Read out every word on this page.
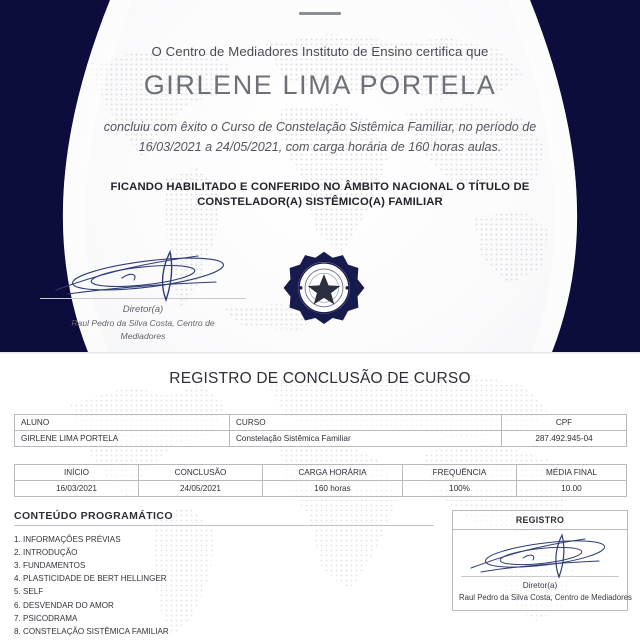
O Centro de Mediadores Instituto de Ensino certifica que
GIRLENE LIMA PORTELA
concluiu com êxito o Curso de Constelação Sistêmica Familiar, no período de
16/03/2021 a 24/05/2021, com carga horária de 160 horas aulas.
FICANDO HABILITADO E CONFERIDO NO ÂMBITO NACIONAL O TÍTULO DE
CONSTELADOR(A) SISTÊMICO(A) FAMILIAR
Diretor(a)
Raul Pedro da Silva Costa, Centro de
Mediadores
REGISTRO DE CONCLUSÃO DE CURSO
ALUNO	CURSO	CPF
GIRLENE LIMA PORTELA	Constelação Sistêmica Familiar	287.492.945-04
INÍCIO	CONCLUSÃO	CARGA HORÁRIA	FREQUÊNCIA	MÉDIA FINAL
16/03/2021	24/05/2021	160 horas	100%	10.00
CONTEÚDO PROGRAMÁTICO
1. INFORMAÇÕES PRÉVIAS
2. INTRODUÇÃO
3. FUNDAMENTOS
4. PLASTICIDADE DE BERT HELLINGER
5. SELF
6. DESVENDAR DO AMOR
7. PSICODRAMA
8. CONSTELAÇÃO SISTÊMICA FAMILIAR
REGISTRO
Diretor(a)
Raul Pedro da Silva Costa, Centro de Mediadores
